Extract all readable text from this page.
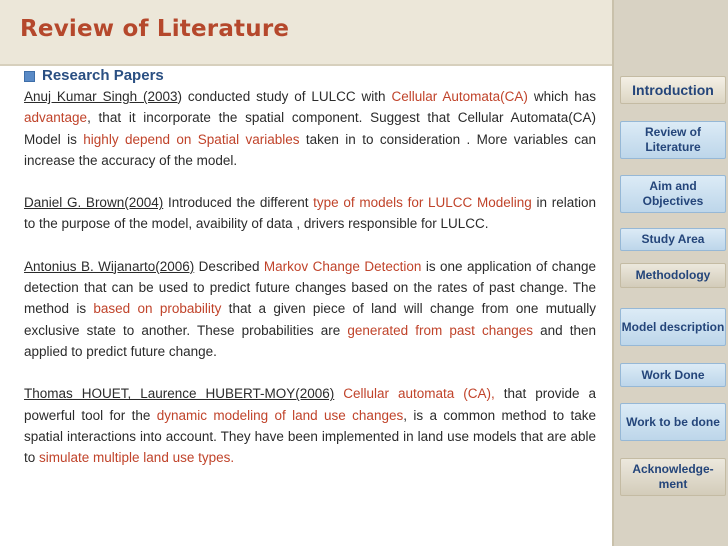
Review of Literature
Introduction
Review of Literature
Aim and Objectives
Study Area
Methodology
Model description
Work Done
Work to be done
Acknowledge-ment
Research Papers

Anuj Kumar Singh (2003) conducted study of LULCC with Cellular Automata(CA) which has advantage, that it incorporate the spatial component. Suggest that Cellular Automata(CA) Model is highly depend on Spatial variables taken in to consideration . More variables can increase the accuracy of the model.

Daniel G. Brown(2004) Introduced the different type of models for LULCC Modeling in relation to the purpose of the model, avaibility of data , drivers responsible for LULCC.

Antonius B. Wijanarto(2006) Described Markov Change Detection is one application of change detection that can be used to predict future changes based on the rates of past change. The method is based on probability that a given piece of land will change from one mutually exclusive state to another. These probabilities are generated from past changes and then applied to predict future change.

Thomas HOUET, Laurence HUBERT-MOY(2006) Cellular automata (CA), that provide a powerful tool for the dynamic modeling of land use changes, is a common method to take spatial interactions into account. They have been implemented in land use models that are able to simulate multiple land use types.
